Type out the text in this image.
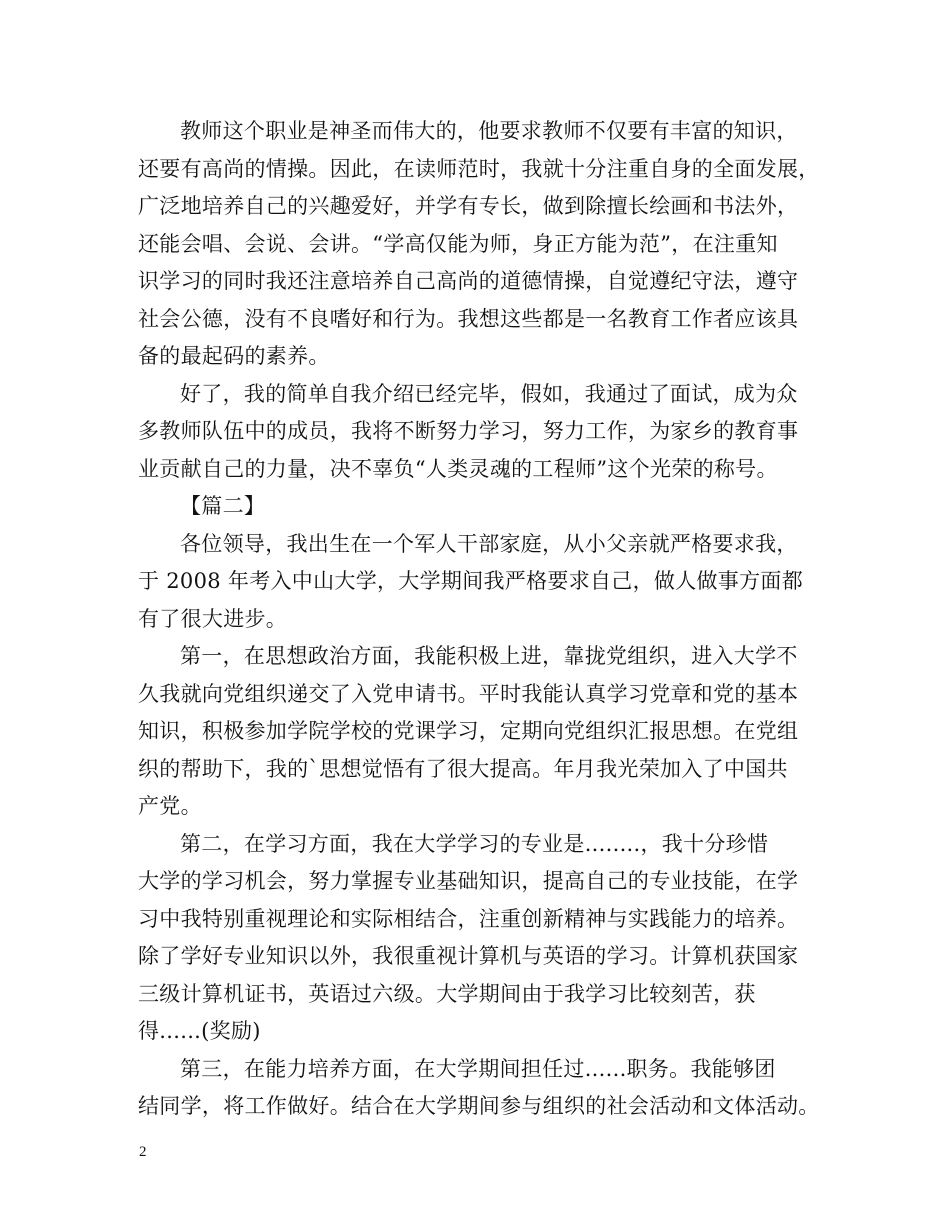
教师这个职业是神圣而伟大的，他要求教师不仅要有丰富的知识，
还要有高尚的情操。因此，在读师范时，我就十分注重自身的全面发展，
广泛地培养自己的兴趣爱好，并学有专长，做到除擅长绘画和书法外，
还能会唱、会说、会讲。“学高仅能为师，身正方能为范”，在注重知
识学习的同时我还注意培养自己高尚的道德情操，自觉遵纪守法，遵守
社会公德，没有不良嗜好和行为。我想这些都是一名教育工作者应该具
备的最起码的素养。

好了，我的简单自我介绍已经完毕，假如，我通过了面试，成为众
多教师队伍中的成员，我将不断努力学习，努力工作，为家乡的教育事
业贡献自己的力量，决不辜负“人类灵魂的工程师”这个光荣的称号。

【篇二】

各位领导，我出生在一个军人干部家庭，从小父亲就严格要求我，
于 2008 年考入中山大学，大学期间我严格要求自己，做人做事方面都
有了很大进步。

第一，在思想政治方面，我能积极上进，靠拢党组织，进入大学不
久我就向党组织递交了入党申请书。平时我能认真学习党章和党的基本
知识，积极参加学院学校的党课学习，定期向党组织汇报思想。在党组
织的帮助下，我的`思想觉悟有了很大提高。年月我光荣加入了中国共
产党。

第二，在学习方面，我在大学学习的专业是........，我十分珍惜
大学的学习机会，努力掌握专业基础知识，提高自己的专业技能，在学
习中我特别重视理论和实际相结合，注重创新精神与实践能力的培养。
除了学好专业知识以外，我很重视计算机与英语的学习。计算机获国家
三级计算机证书，英语过六级。大学期间由于我学习比较刻苦，获
得......(奖励)

第三，在能力培养方面，在大学期间担任过......职务。我能够团
结同学，将工作做好。结合在大学期间参与组织的社会活动和文体活动。

2
